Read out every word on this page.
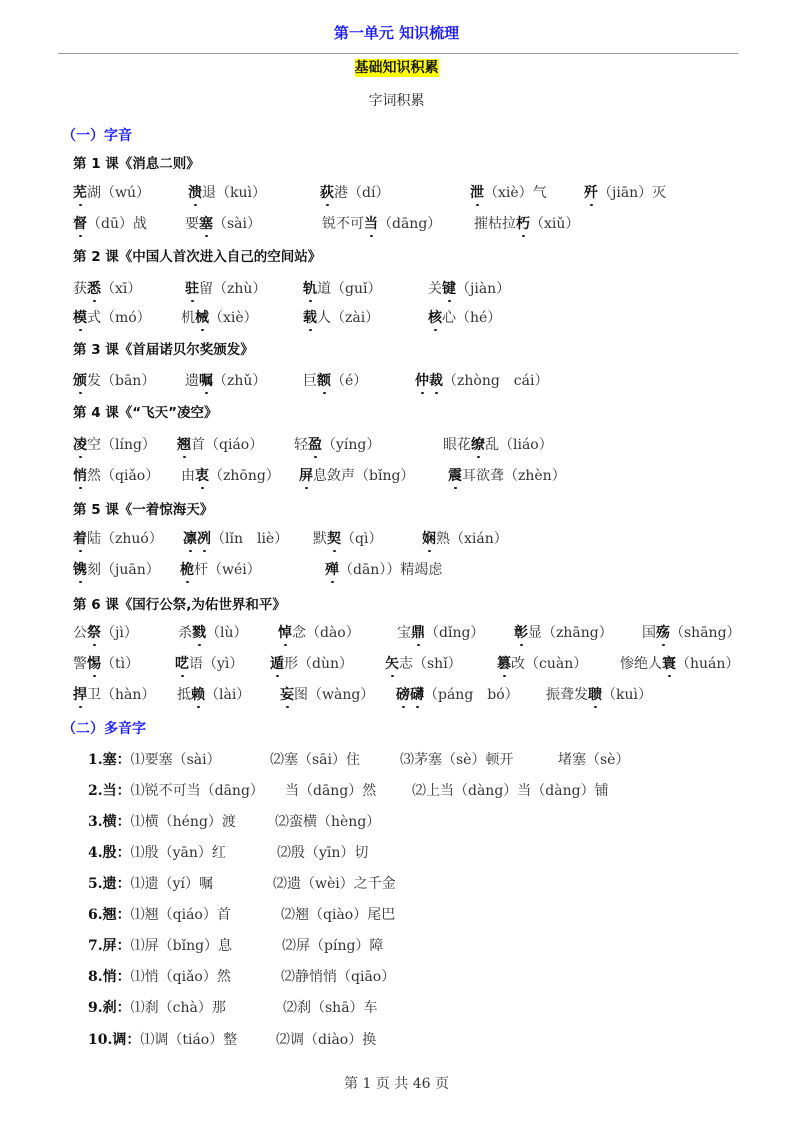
第一单元 知识梳理
基础知识积累
字词积累
（一）字音
第 1 课《消息二则》
芜湖（wú）	溃退（kuì）	荻港（dí）	泄（xiè）气	歼（jiān）灭
督（dū）战	要塞（sài）	锐不可当（dāng） 摧枯拉朽（xiǔ）
第 2 课《中国人首次进入自己的空间站》
获悉（xī）	驻留（zhù）	轨道（guǐ）	关键（jiàn）
模式（mó） 机械（xiè）	载人（zài）	核心（hé）
第 3 课《首届诺贝尔奖颁发》
颁发（bān） 遗嘱（zhǔ）	巨额（é）	仲裁（zhòng　cái）
第 4 课《“飞天”凌空》
凌空（líng） 翘首（qiáo） 轻盈（yíng）	眼花缭乱（liáo）
悄然（qiǎo） 由衷（zhōng） 屏息敛声（bǐng） 震耳欲聋（zhèn）
第 5 课《一着惊海天》
着陆（zhuó） 凛冽（lǐn　liè） 默契（qì）	娴熟（xián）
镌刻（juān） 桅杆（wéi）	殚（dān））精竭虑
第 6 课《国行公祭,为佑世界和平》
公祭（jì）	杀戮（lù） 悼念（dào）	宝鼎（dǐng） 彰显（zhāng） 国殇（shāng）
警惕（tì）	呓语（yì） 遁形（dùn） 矢志（shǐ）	篡改（cuàn） 惨绝人寰（huán）
捍卫（hàn） 抵赖（lài） 妄图（wàng） 磅礴（páng　bó） 振聋发聩（kuì）
1.塞：⑴要塞（sài）	⑵塞（sāi）住	⑶茅塞（sè）顿开	堵塞（sè）
2.当：⑴锐不可当（dāng） 当（dāng）然	⑵上当（dàng）当（dàng）铺
3.横：⑴横（héng）渡	⑵蛮横（hèng）
4.殷：⑴殷（yān）红	⑵殷（yīn）切
5.遗：⑴遗（yí）嘱	⑵遗（wèi）之千金
6.翘：⑴翘（qiáo）首	⑵翘（qiào）尾巴
7.屏：⑴屏（bǐng）息	⑵屏（píng）障
8.悄：⑴悄（qiǎo）然	⑵静悄悄（qiāo）
9.刹：⑴刹（chà）那	⑵刹（shā）车
10.调：⑴调（tiáo）整	⑵调（diào）换
（二）多音字
第 1 页 共 46 页
